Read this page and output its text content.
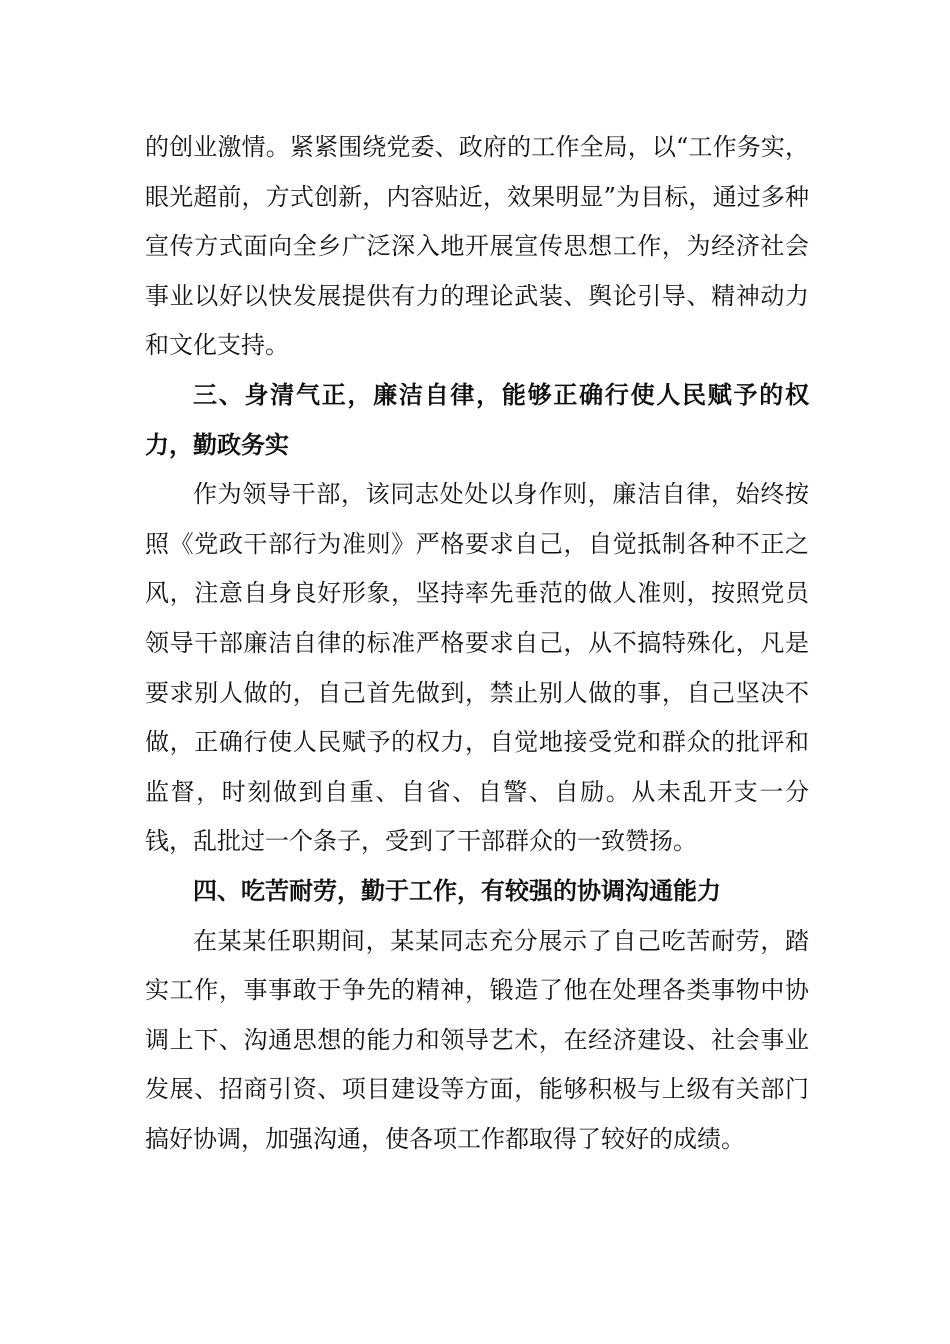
的创业激情。紧紧围绕党委、政府的工作全局，以“工作务实，眼光超前，方式创新，内容贴近，效果明显”为目标，通过多种宣传方式面向全乡广泛深入地开展宣传思想工作，为经济社会事业以好以快发展提供有力的理论武装、舆论引导、精神动力和文化支持。

三、身清气正，廉洁自律，能够正确行使人民赋予的权力，勤政务实

作为领导干部，该同志处处以身作则，廉洁自律，始终按照《党政干部行为准则》严格要求自己，自觉抵制各种不正之风，注意自身良好形象，坚持率先垂范的做人准则，按照党员领导干部廉洁自律的标准严格要求自己，从不搞特殊化，凡是要求别人做的，自己首先做到，禁止别人做的事，自己坚决不做，正确行使人民赋予的权力，自觉地接受党和群众的批评和监督，时刻做到自重、自省、自警、自励。从未乱开支一分钱，乱批过一个条子，受到了干部群众的一致赞扬。

四、吃苦耐劳，勤于工作，有较强的协调沟通能力

在某某任职期间，某某同志充分展示了自己吃苦耐劳，踏实工作，事事敢于争先的精神，锻造了他在处理各类事物中协调上下、沟通思想的能力和领导艺术，在经济建设、社会事业发展、招商引资、项目建设等方面，能够积极与上级有关部门搞好协调，加强沟通，使各项工作都取得了较好的成绩。
